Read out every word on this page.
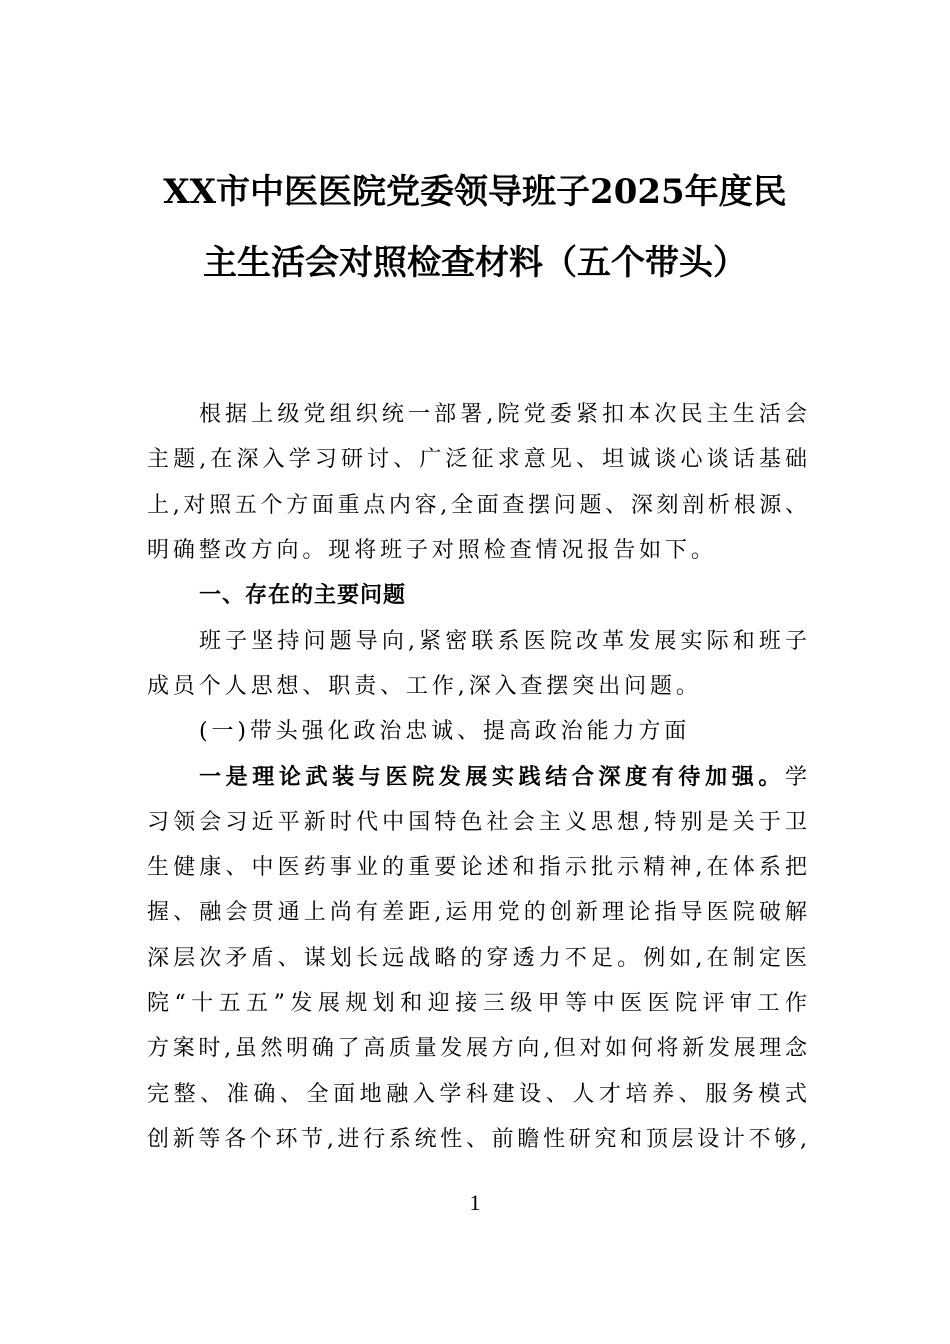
XX市中医医院党委领导班子2025年度民
主生活会对照检查材料（五个带头）
根据上级党组织统一部署,院党委紧扣本次民主生活会
主题,在深入学习研讨、广泛征求意见、坦诚谈心谈话基础
上,对照五个方面重点内容,全面查摆问题、深刻剖析根源、
明确整改方向。现将班子对照检查情况报告如下。
一、存在的主要问题
班子坚持问题导向,紧密联系医院改革发展实际和班子
成员个人思想、职责、工作,深入查摆突出问题。
(一)带头强化政治忠诚、提高政治能力方面
一是理论武装与医院发展实践结合深度有待加强。学
习领会习近平新时代中国特色社会主义思想,特别是关于卫
生健康、中医药事业的重要论述和指示批示精神,在体系把
握、融会贯通上尚有差距,运用党的创新理论指导医院破解
深层次矛盾、谋划长远战略的穿透力不足。例如,在制定医
院“十五五”发展规划和迎接三级甲等中医医院评审工作
方案时,虽然明确了高质量发展方向,但对如何将新发展理念
完整、准确、全面地融入学科建设、人才培养、服务模式
创新等各个环节,进行系统性、前瞻性研究和顶层设计不够,
1
